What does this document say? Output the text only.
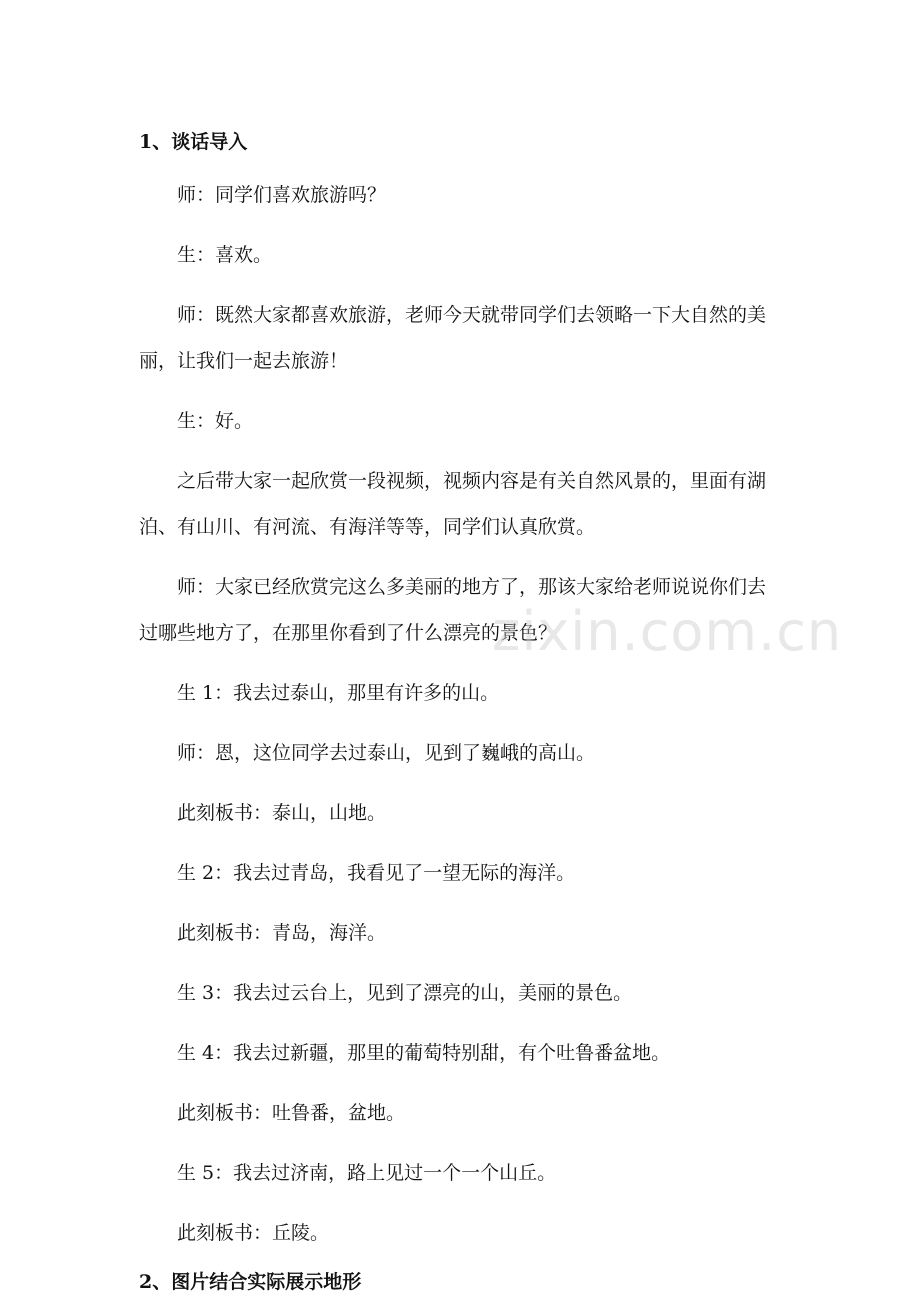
1、谈话导入

师：同学们喜欢旅游吗？

生：喜欢。

师：既然大家都喜欢旅游，老师今天就带同学们去领略一下大自然的美丽，让我们一起去旅游！

生：好。

之后带大家一起欣赏一段视频，视频内容是有关自然风景的，里面有湖泊、有山川、有河流、有海洋等等，同学们认真欣赏。

师：大家已经欣赏完这么多美丽的地方了，那该大家给老师说说你们去过哪些地方了，在那里你看到了什么漂亮的景色？

生 1：我去过泰山，那里有许多的山。

师：恩，这位同学去过泰山，见到了巍峨的高山。

此刻板书：泰山，山地。

生 2：我去过青岛，我看见了一望无际的海洋。

此刻板书：青岛，海洋。

生 3：我去过云台上，见到了漂亮的山，美丽的景色。

生 4：我去过新疆，那里的葡萄特别甜，有个吐鲁番盆地。

此刻板书：吐鲁番，盆地。

生 5：我去过济南，路上见过一个一个山丘。

此刻板书：丘陵。

2、图片结合实际展示地形
zixin.com.cn
